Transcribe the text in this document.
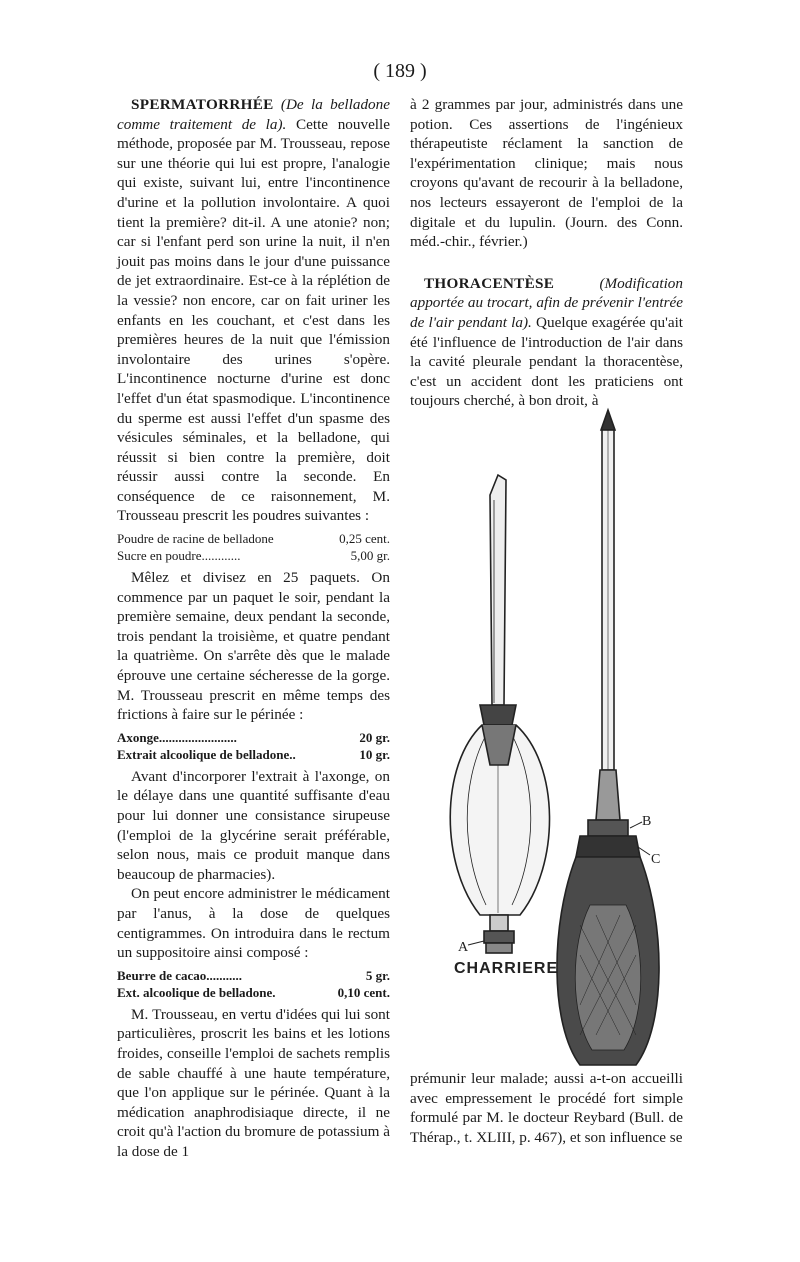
( 189 )

SPERMATORRHÉE (De la belladone comme traitement de la). Cette nouvelle méthode, proposée par M. Trousseau, repose sur une théorie qui lui est propre, l'analogie qui existe, suivant lui, entre l'incontinence d'urine et la pollution involontaire. A quoi tient la première? dit-il. A une atonie? non; car si l'enfant perd son urine la nuit, il n'en jouit pas moins dans le jour d'une puissance de jet extraordinaire. Est-ce à la réplétion de la vessie? non encore, car on fait uriner les enfants en les couchant, et c'est dans les premières heures de la nuit que l'émission involontaire des urines s'opère. L'incontinence nocturne d'urine est donc l'effet d'un état spasmodique. L'incontinence du sperme est aussi l'effet d'un spasme des vésicules séminales, et la belladone, qui réussit si bien contre la première, doit réussir aussi contre la seconde. En conséquence de ce raisonnement, M. Trousseau prescrit les poudres suivantes :

Poudre de racine de belladone	0,25 cent.
Sucre en poudre............	5,00 gr.

Mêlez et divisez en 25 paquets. On commence par un paquet le soir, pendant la première semaine, deux pendant la seconde, trois pendant la troisième, et quatre pendant la quatrième. On s'arrête dès que le malade éprouve une certaine sécheresse de la gorge. M. Trousseau prescrit en même temps des frictions à faire sur le périnée :

Axonge........................	20 gr.
Extrait alcoolique de belladone..	10 gr.

Avant d'incorporer l'extrait à l'axonge, on le délaye dans une quantité suffisante d'eau pour lui donner une consistance sirupeuse (l'emploi de la glycérine serait préférable, selon nous, mais ce produit manque dans beaucoup de pharmacies).

On peut encore administrer le médicament par l'anus, à la dose de quelques centigrammes. On introduira dans le rectum un suppositoire ainsi composé :

Beurre de cacao...........	5 gr.
Ext. alcoolique de belladone.	0,10 cent.

M. Trousseau, en vertu d'idées qui lui sont particulières, proscrit les bains et les lotions froides, conseille l'emploi de sachets remplis de sable chauffé à une haute température, que l'on applique sur le périnée. Quant à la médication anaphrodisiaque directe, il ne croit qu'à l'action du bromure de potassium à la dose de 1

à 2 grammes par jour, administrés dans une potion. Ces assertions de l'ingénieux thérapeutiste réclament la sanction de l'expérimentation clinique; mais nous croyons qu'avant de recourir à la belladone, nos lecteurs essayeront de l'emploi de la digitale et du lupulin. (Journ. des Conn. méd.-chir., février.)

THORACENTÈSE	(Modification apportée au trocart, afin de prévenir l'entrée de l'air pendant la). Quelque exagérée qu'ait été l'influence de l'introduction de l'air dans la cavité pleurale pendant la thoracentèse, c'est un accident dont les praticiens ont toujours cherché, à bon droit, à

A
B
C
CHARRIERE
prémunir leur malade; aussi a-t-on accueilli avec empressement le procédé fort simple formulé par M. le docteur Reybard (Bull. de Thérap., t. XLIII, p. 467), et son influence se
